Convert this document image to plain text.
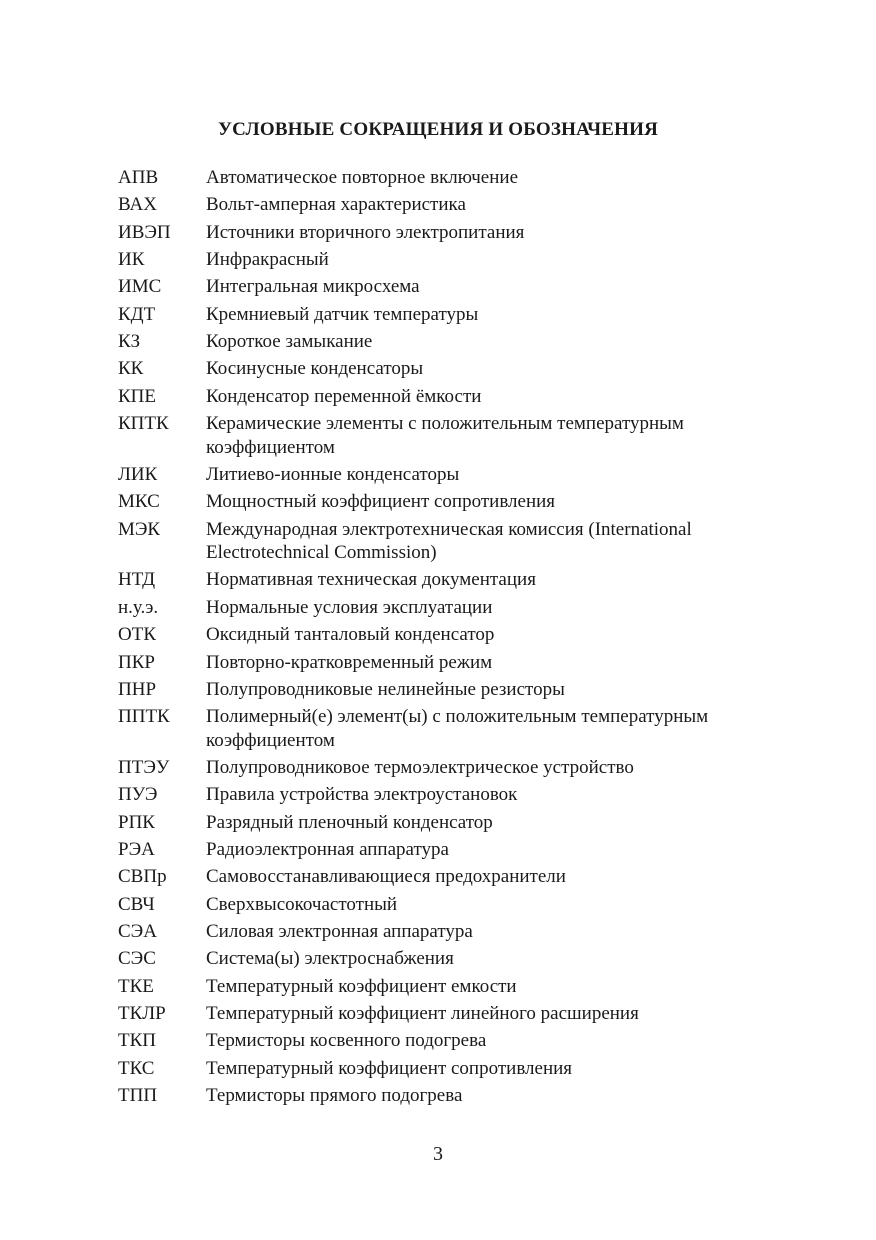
УСЛОВНЫЕ СОКРАЩЕНИЯ И ОБОЗНАЧЕНИЯ
АПВ	Автоматическое повторное включение
ВАХ	Вольт-амперная характеристика
ИВЭП	Источники вторичного электропитания
ИК	Инфракрасный
ИМС	Интегральная микросхема
КДТ	Кремниевый датчик температуры
КЗ	Короткое замыкание
КК	Косинусные конденсаторы
КПЕ	Конденсатор переменной ёмкости
КПТК	Керамические элементы с положительным температурным коэффициентом
ЛИК	Литиево-ионные конденсаторы
МКС	Мощностный коэффициент сопротивления
МЭК	Международная электротехническая комиссия (International Electrotechnical Commission)
НТД	Нормативная техническая документация
н.у.э.	Нормальные условия эксплуатации
ОТК	Оксидный танталовый конденсатор
ПКР	Повторно-кратковременный режим
ПНР	Полупроводниковые нелинейные резисторы
ППТК	Полимерный(е) элемент(ы) с положительным температурным коэффициентом
ПТЭУ	Полупроводниковое термоэлектрическое устройство
ПУЭ	Правила устройства электроустановок
РПК	Разрядный пленочный конденсатор
РЭА	Радиоэлектронная аппаратура
СВПр	Самовосстанавливающиеся предохранители
СВЧ	Сверхвысокочастотный
СЭА	Силовая электронная аппаратура
СЭС	Система(ы) электроснабжения
ТКЕ	Температурный коэффициент емкости
ТКЛР	Температурный коэффициент линейного расширения
ТКП	Термисторы косвенного подогрева
ТКС	Температурный коэффициент сопротивления
ТПП	Термисторы прямого подогрева
3
